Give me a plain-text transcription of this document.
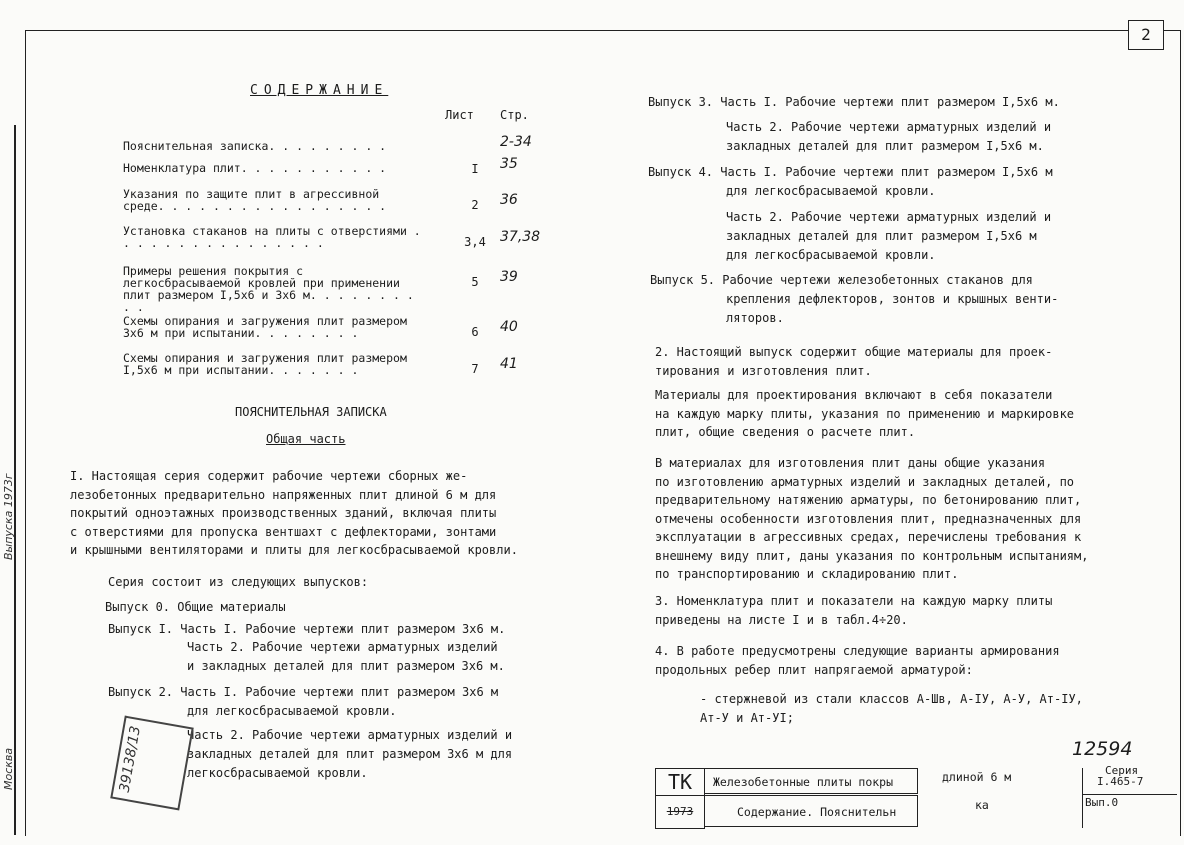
2
СОДЕРЖАНИЕ
Лист Стр.
Пояснительная записка. . . . . . . . .	2-34
Номенклатура плит. . . . . . . . . . .	I	35
Указания по защите плит в агрессивной среде. . . . . . . . . . . . . . . . .	2	36
Установка стаканов на плиты с отверстиями . . . . . . . . . . . . . . . .	3,4	37,38
Примеры решения покрытия с легкосбрасываемой кровлей при применении плит размером I,5х6 и 3х6 м. . . . . . . . . .
5	39
Схемы опирания и загружения плит размером 3х6 м при испытании. . . . . . . .	6	40
Схемы опирания и загружения плит размером I,5х6 м при испытании. . . . . . .	7	41
ПОЯСНИТЕЛЬНАЯ ЗАПИСКА
Общая часть
I. Настоящая серия содержит рабочие чертежи сборных же-
лезобетонных предварительно напряженных плит длиной 6 м для
покрытий одноэтажных производственных зданий, включая плиты
с отверстиями для пропуска вентшахт с дефлекторами, зонтами
и крышными вентиляторами и плиты для легкосбрасываемой кровли.
Серия состоит из следующих выпусков:
Выпуск 0. Общие материалы
Выпуск I. Часть I. Рабочие чертежи плит размером 3х6 м.
Часть 2. Рабочие чертежи арматурных изделий
и закладных деталей для плит размером 3х6 м.
Выпуск 2. Часть I. Рабочие чертежи плит размером 3х6 м
для легкосбрасываемой кровли.
Часть 2. Рабочие чертежи арматурных изделий и
закладных деталей для плит размером 3х6 м для
легкосбрасываемой кровли.
Выпуск 3. Часть I. Рабочие чертежи плит размером I,5х6 м.
Часть 2. Рабочие чертежи арматурных изделий и
закладных деталей для плит размером I,5х6 м.
Выпуск 4. Часть I. Рабочие чертежи плит размером I,5х6 м
для легкосбрасываемой кровли.
Часть 2. Рабочие чертежи арматурных изделий и
закладных деталей для плит размером I,5х6 м
для легкосбрасываемой кровли.
Выпуск 5. Рабочие чертежи железобетонных стаканов для
крепления дефлекторов, зонтов и крышных венти-
ляторов.
2. Настоящий выпуск содержит общие материалы для проек-
тирования и изготовления плит.
Материалы для проектирования включают в себя показатели
на каждую марку плиты, указания по применению и маркировке
плит, общие сведения о расчете плит.
В материалах для изготовления плит даны общие указания
по изготовлению арматурных изделий и закладных деталей, по
предварительному натяжению арматуры, по бетонированию плит,
отмечены особенности изготовления плит, предназначенных для
эксплуатации в агрессивных средах, перечислены требования к
внешнему виду плит, даны указания по контрольным испытаниям,
по транспортированию и складированию плит.
3. Номенклатура плит и показатели на каждую марку плиты
приведены на листе I и в табл.4÷20.
4. В работе предусмотрены следующие варианты армирования
продольных ребер плит напрягаемой арматурой:
- стержневой из стали классов А-Шв, А-IУ, А-У, Ат-IУ,
Ат-У и Ат-УI;
12594
ТК
1973
Железобетонные плиты покры
Содержание. Пояснительн
длиной 6 м
ка
Серия
I.465-7
Вып.0
Москва
Выпуска 1973г
39138/13
